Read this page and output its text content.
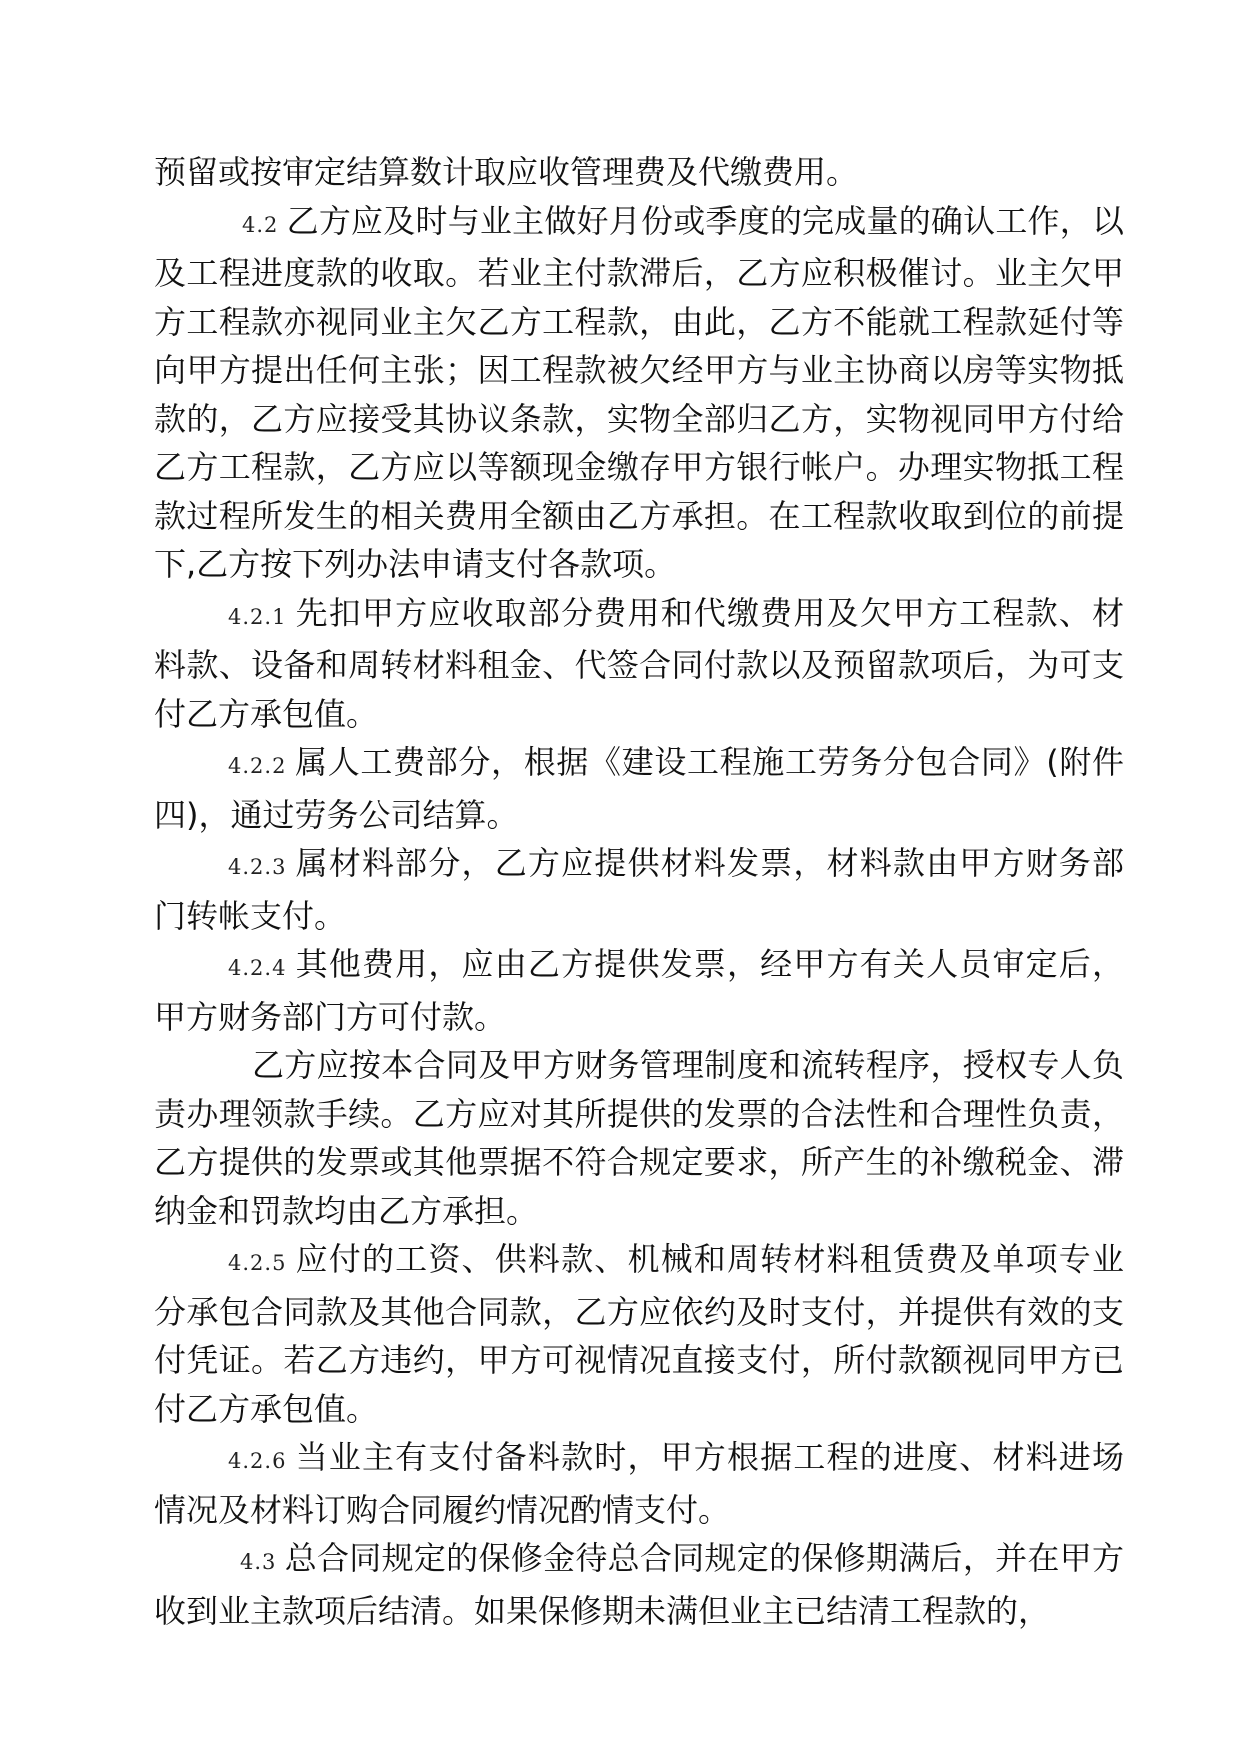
预留或按审定结算数计取应收管理费及代缴费用。

4.2 乙方应及时与业主做好月份或季度的完成量的确认工作，以及工程进度款的收取。若业主付款滞后，乙方应积极催讨。业主欠甲方工程款亦视同业主欠乙方工程款，由此，乙方不能就工程款延付等向甲方提出任何主张；因工程款被欠经甲方与业主协商以房等实物抵款的，乙方应接受其协议条款，实物全部归乙方，实物视同甲方付给乙方工程款，乙方应以等额现金缴存甲方银行帐户。办理实物抵工程款过程所发生的相关费用全额由乙方承担。在工程款收取到位的前提下,乙方按下列办法申请支付各款项。

4.2.1 先扣甲方应收取部分费用和代缴费用及欠甲方工程款、材料款、设备和周转材料租金、代签合同付款以及预留款项后，为可支付乙方承包值。

4.2.2 属人工费部分，根据《建设工程施工劳务分包合同》(附件四)，通过劳务公司结算。

4.2.3 属材料部分，乙方应提供材料发票，材料款由甲方财务部门转帐支付。

4.2.4 其他费用，应由乙方提供发票，经甲方有关人员审定后，甲方财务部门方可付款。

乙方应按本合同及甲方财务管理制度和流转程序，授权专人负责办理领款手续。乙方应对其所提供的发票的合法性和合理性负责，乙方提供的发票或其他票据不符合规定要求，所产生的补缴税金、滞纳金和罚款均由乙方承担。

4.2.5 应付的工资、供料款、机械和周转材料租赁费及单项专业分承包合同款及其他合同款，乙方应依约及时支付，并提供有效的支付凭证。若乙方违约，甲方可视情况直接支付，所付款额视同甲方已付乙方承包值。

4.2.6 当业主有支付备料款时，甲方根据工程的进度、材料进场情况及材料订购合同履约情况酌情支付。

4.3 总合同规定的保修金待总合同规定的保修期满后，并在甲方收到业主款项后结清。如果保修期未满但业主已结清工程款的，
